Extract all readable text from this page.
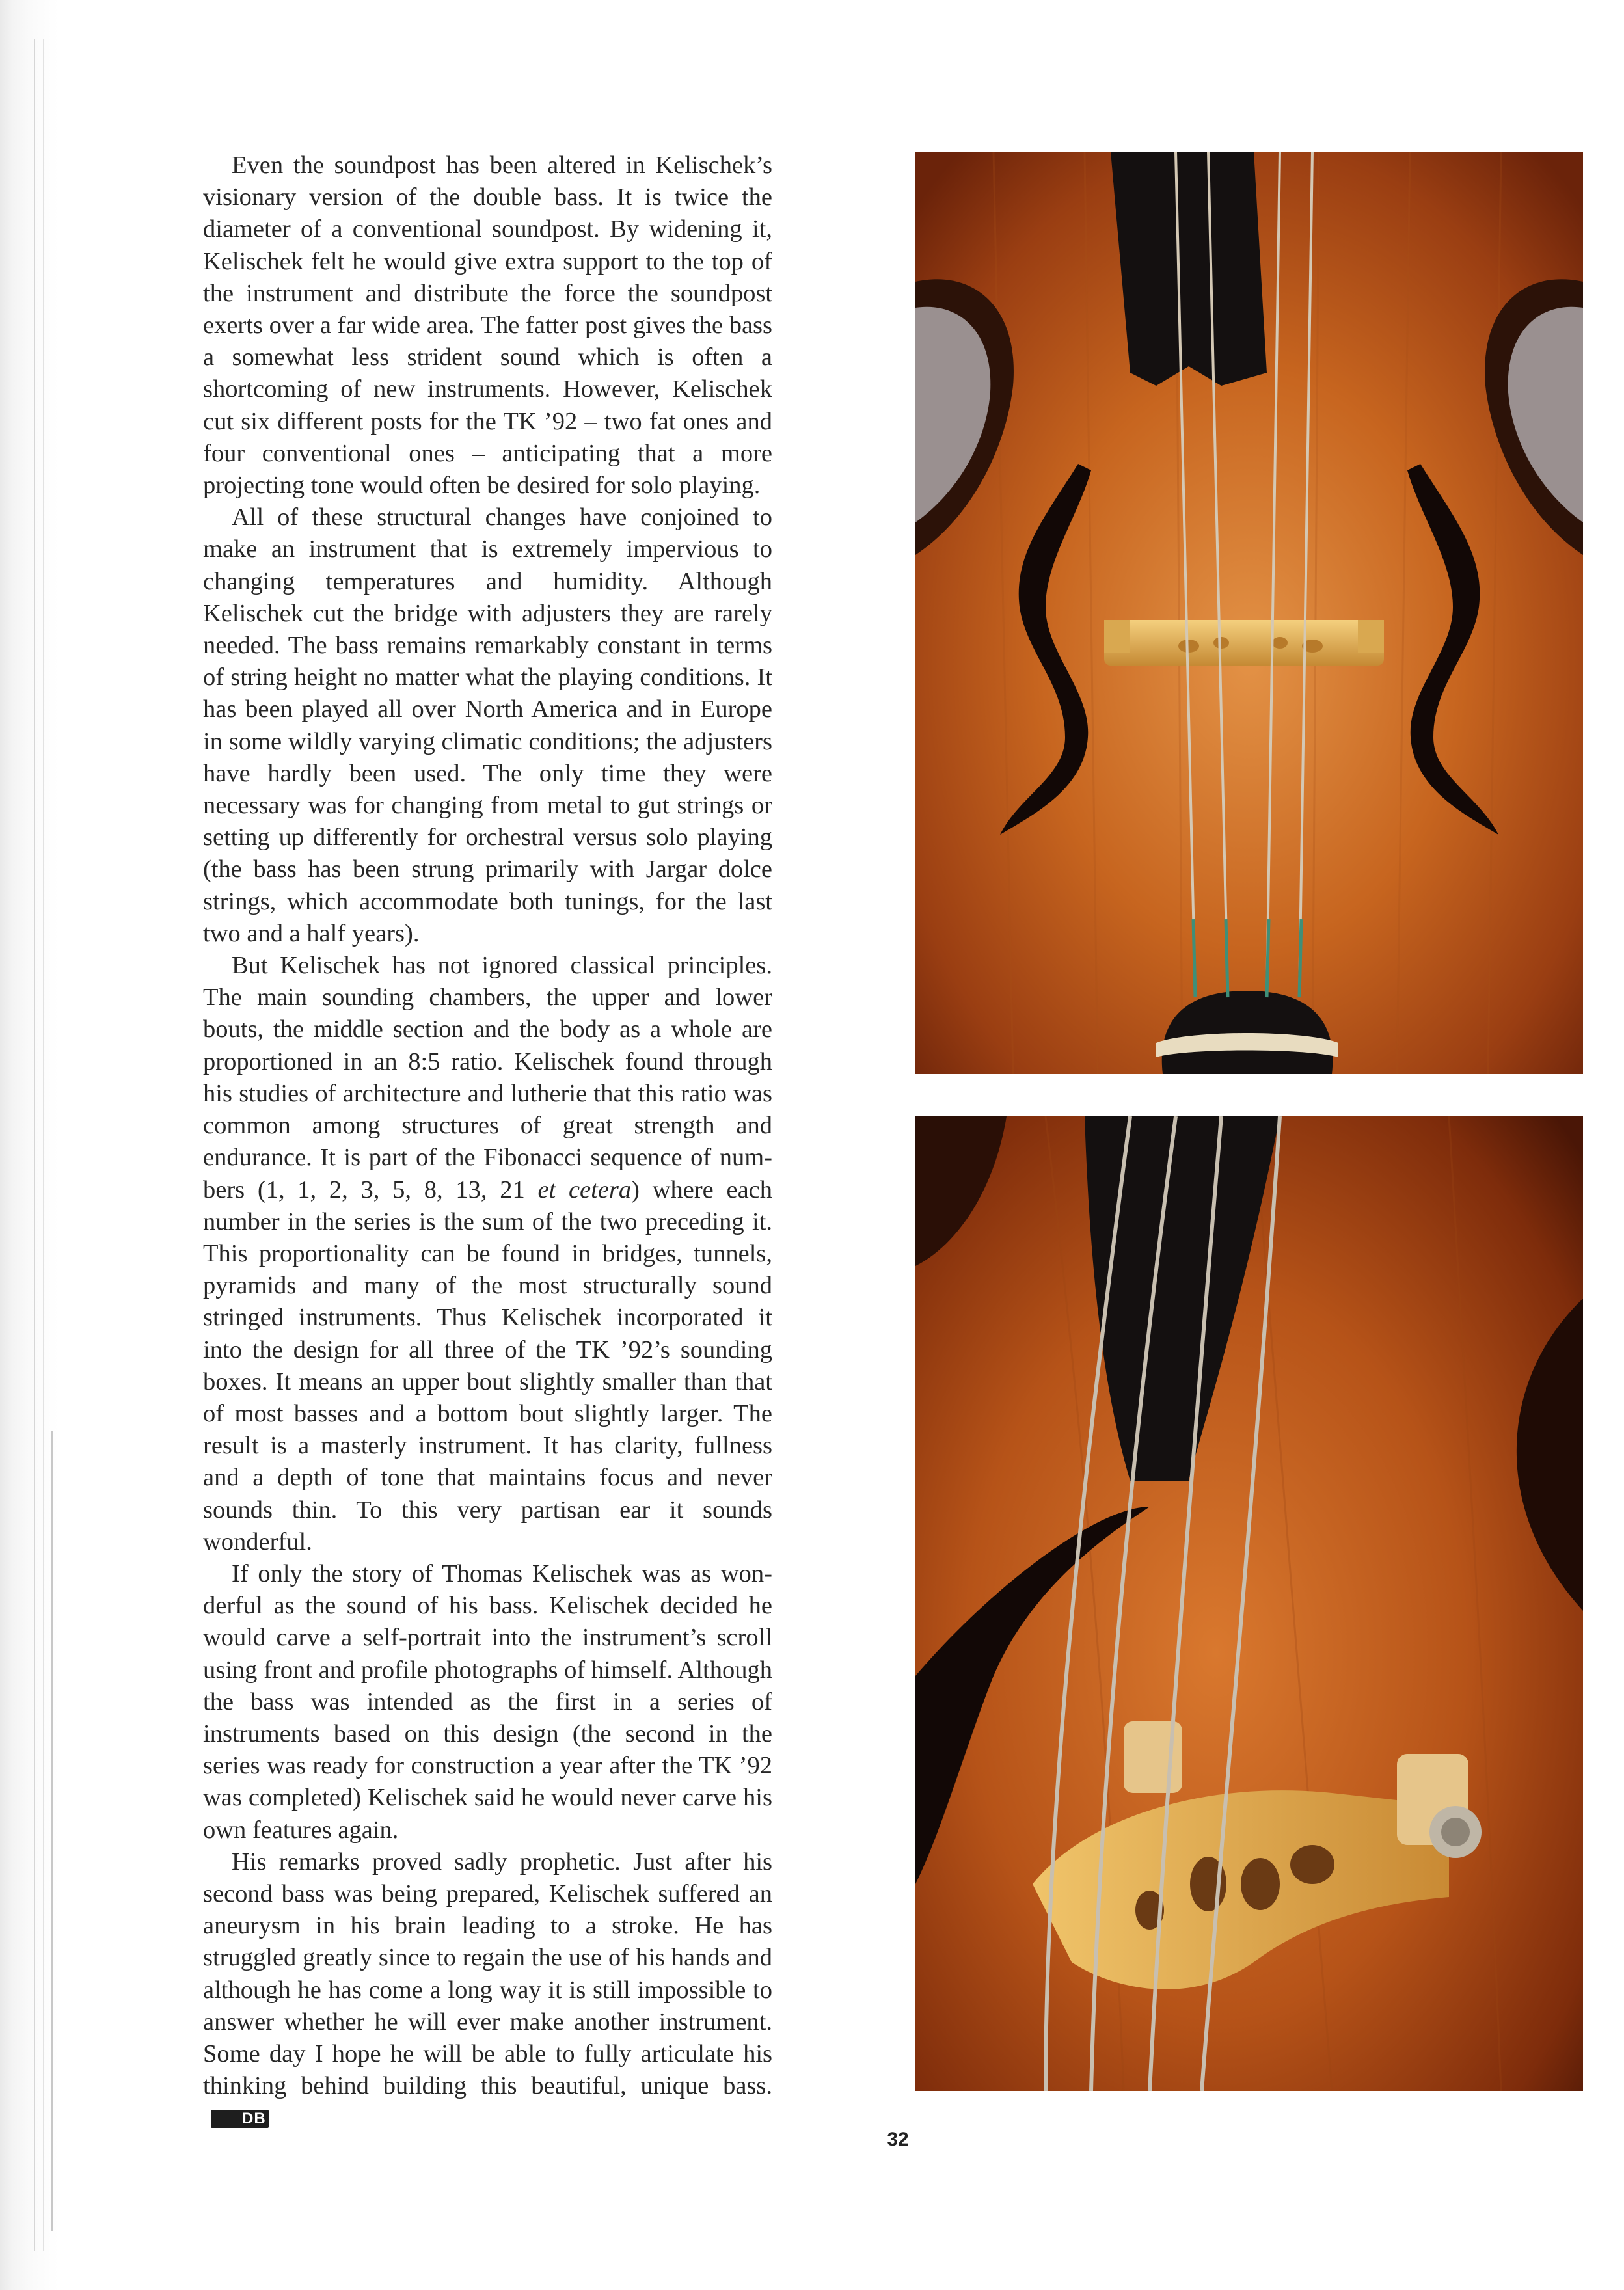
Even the soundpost has been altered in Kelischek’s visionary version of the double bass. It is twice the diameter of a conventional soundpost. By widening it, Kelischek felt he would give extra support to the top of the instrument and distribute the force the soundpost exerts over a far wide area. The fatter post gives the bass a somewhat less strident sound which is often a shortcoming of new instruments. However, Kelischek cut six different posts for the TK ’92 – two fat ones and four conventional ones – anticipating that a more projecting tone would often be desired for solo playing.

All of these structural changes have conjoined to make an instrument that is extremely impervious to changing temperatures and humidity. Although Kelischek cut the bridge with adjusters they are rarely needed. The bass remains remarkably constant in terms of string height no matter what the playing conditions. It has been played all over North America and in Europe in some wildly varying climatic conditions; the adjusters have hardly been used. The only time they were necessary was for changing from metal to gut strings or setting up differently for orchestral versus solo playing (the bass has been strung primarily with Jargar dolce strings, which accommodate both tunings, for the last two and a half years).

But Kelischek has not ignored classical principles. The main sounding chambers, the upper and lower bouts, the middle section and the body as a whole are proportioned in an 8:5 ratio. Kelischek found through his studies of architecture and lutherie that this ratio was common among structures of great strength and endurance. It is part of the Fibonacci sequence of numbers (1, 1, 2, 3, 5, 8, 13, 21 et cetera) where each number in the series is the sum of the two preceding it. This proportionality can be found in bridges, tunnels, pyramids and many of the most structurally sound stringed instruments. Thus Kelischek incorporated it into the design for all three of the TK ’92’s sounding boxes. It means an upper bout slightly smaller than that of most basses and a bottom bout slightly larger. The result is a masterly instrument. It has clarity, fullness and a depth of tone that maintains focus and never sounds thin. To this very partisan ear it sounds wonderful.

If only the story of Thomas Kelischek was as wonderful as the sound of his bass. Kelischek decided he would carve a self-portrait into the instrument’s scroll using front and profile photographs of himself. Although the bass was intended as the first in a series of instruments based on this design (the second in the series was ready for construction a year after the TK ’92 was completed) Kelischek said he would never carve his own features again.

His remarks proved sadly prophetic. Just after his second bass was being prepared, Kelischek suffered an aneurysm in his brain leading to a stroke. He has struggled greatly since to regain the use of his hands and although he has come a long way it is still impossible to answer whether he will ever make another instrument. Some day I hope he will be able to fully articulate his thinking behind building this beautiful, unique bass.DB

32
